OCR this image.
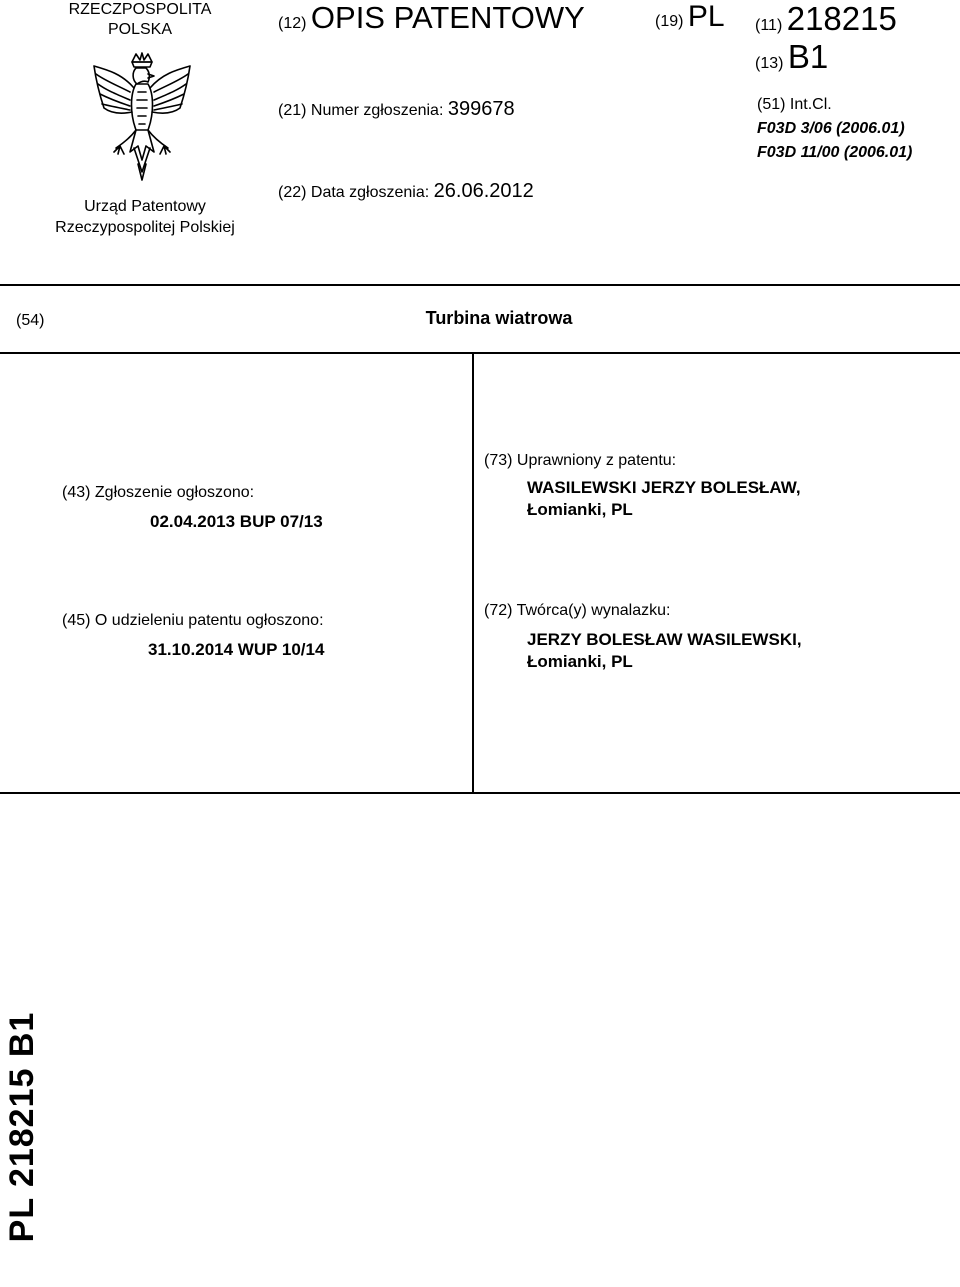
RZECZPOSPOLITA
POLSKA
Urząd Patentowy
Rzeczypospolitej Polskiej
(12) OPIS PATENTOWY	(19) PL (11) 218215
(13) B1
(21) Numer zgłoszenia: 399678	(51) Int.Cl.
F03D 3/06 (2006.01)
F03D 11/00 (2006.01)
(22) Data zgłoszenia: 26.06.2012
(54)	Turbina wiatrowa
(43) Zgłoszenie ogłoszono:
02.04.2013 BUP 07/13
(45) O udzieleniu patentu ogłoszono:
31.10.2014 WUP 10/14
(73) Uprawniony z patentu:
WASILEWSKI JERZY BOLESŁAW,
Łomianki, PL
(72) Twórca(y) wynalazku:
JERZY BOLESŁAW WASILEWSKI,
Łomianki, PL
PL 218215 B1
